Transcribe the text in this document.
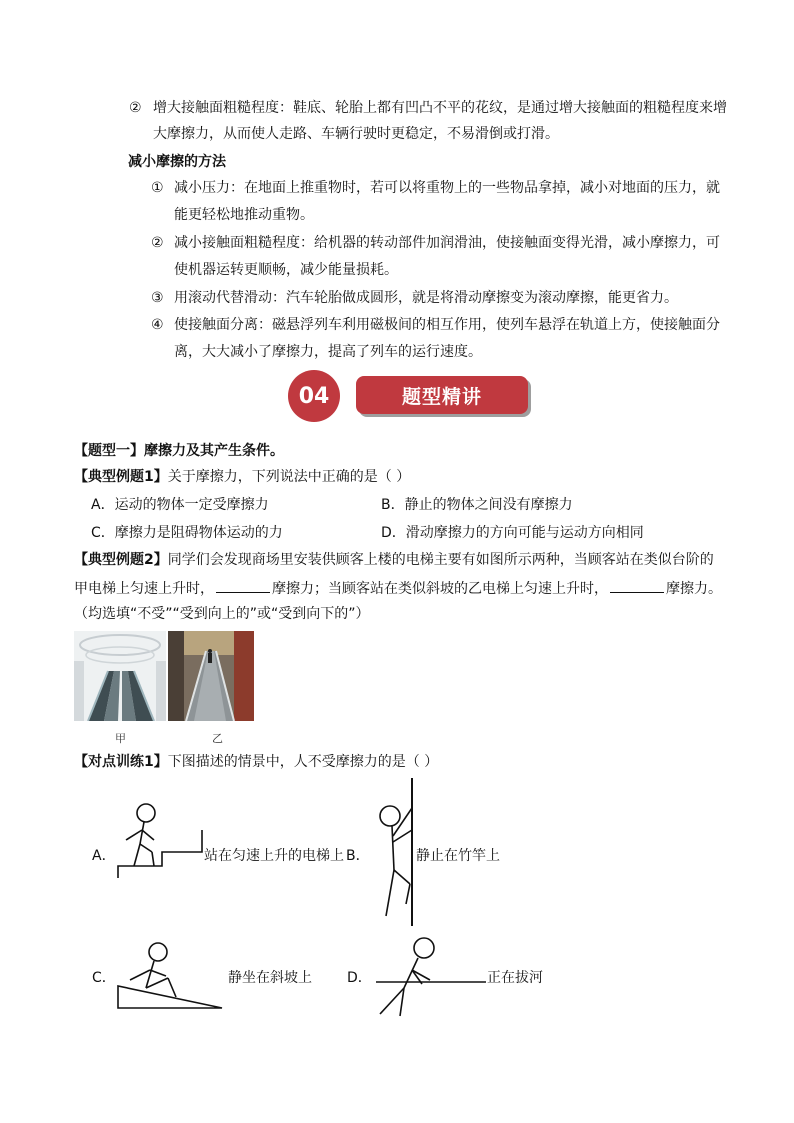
② 增大接触面粗糙程度：鞋底、轮胎上都有凹凸不平的花纹，是通过增大接触面的粗糙程度来增
大摩擦力，从而使人走路、车辆行驶时更稳定，不易滑倒或打滑。
减小摩擦的方法
① 减小压力：在地面上推重物时，若可以将重物上的一些物品拿掉，减小对地面的压力，就
能更轻松地推动重物。
② 减小接触面粗糙程度：给机器的转动部件加润滑油，使接触面变得光滑，减小摩擦力，可
使机器运转更顺畅，减少能量损耗。
③ 用滚动代替滑动：汽车轮胎做成圆形，就是将滑动摩擦变为滚动摩擦，能更省力。
④ 使接触面分离：磁悬浮列车利用磁极间的相互作用，使列车悬浮在轨道上方，使接触面分
离，大大减小了摩擦力，提高了列车的运行速度。
题型精讲
04
【题型一】摩擦力及其产生条件。
【典型例题1】关于摩擦力，下列说法中正确的是（ ）
A．运动的物体一定受摩擦力	B．静止的物体之间没有摩擦力
C．摩擦力是阻碍物体运动的力	D．滑动摩擦力的方向可能与运动方向相同
【典型例题2】同学们会发现商场里安装供顾客上楼的电梯主要有如图所示两种，当顾客站在类似台阶的
甲电梯上匀速上升时，	摩擦力；当顾客站在类似斜坡的乙电梯上匀速上升时，	摩擦力。
（均选填“不受”“受到向上的”或“受到向下的”）
甲	乙
【对点训练1】下图描述的情景中，人不受摩擦力的是（ ）
A．	站在匀速上升的电梯上 B．	静止在竹竿上
C．	静坐在斜坡上	D．	正在拔河
